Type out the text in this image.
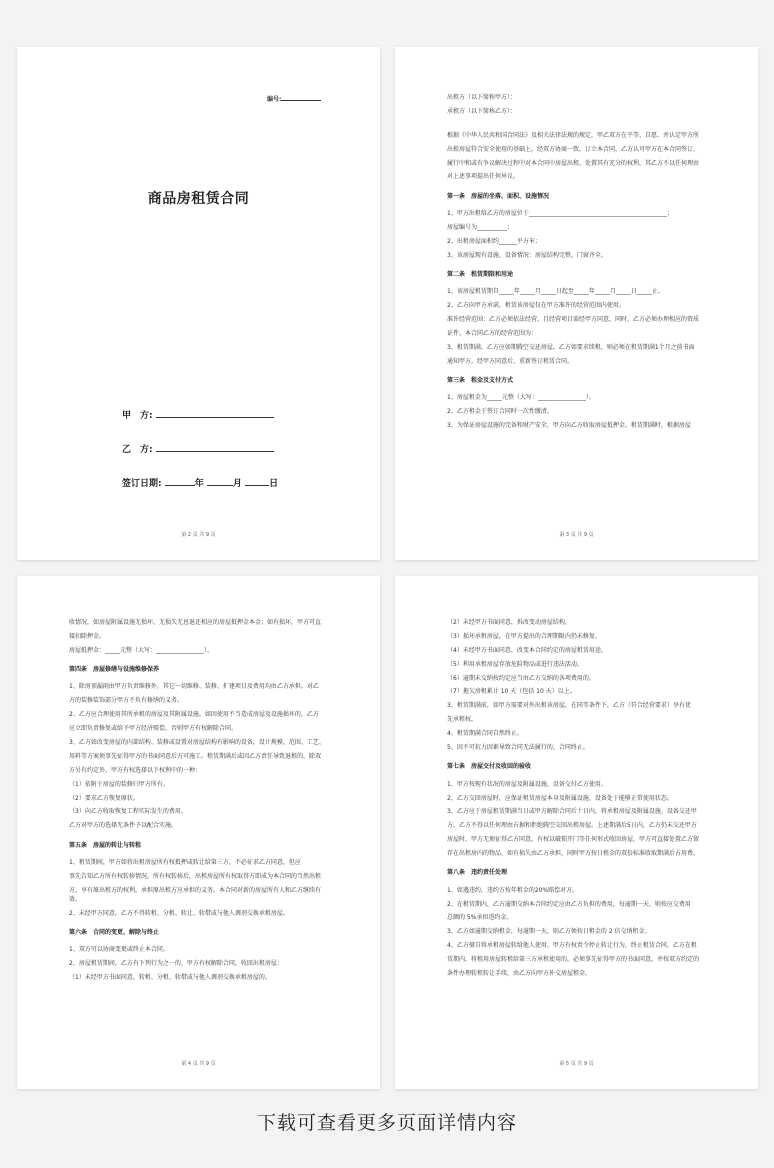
编号:
商品房租赁合同
甲　方:
乙　方:
签订日期:	年	月	日
第 2 页 共 9 页

出租方（以下简称甲方）：

承租方（以下简称乙方）：

根据《中华人民共和国合同法》及相关法律法规的规定，甲乙双方在平等、自愿、并认定甲方所

出租房屋符合安全使用的基础上，经双方协商一致，订立本合同，乙方认可甲方在本合同签订、

履行中和或有争议解决过程中对本合同中房屋出租、处置其有充分的权利，其乙方不以任何理由

对上述事项提出任何异议。

第一条　房屋的坐落、面积、设施情况

1、甲方出租给乙方的房屋位于______________________________________________；

房屋编号为__________；

2、出租房屋面积约______平方米；

3、该房屋现有设施、设备情况：房屋结构完整，门窗齐全。

第二条　租赁期限和用途

1、该房屋租赁期自_____年_____月_____日起至_____年_____月_____日_____止。

2、乙方向甲方承诺，租赁该房屋仅在甲方准许的经营范围内使用。

准许经营范围：乙方必须依法经营，且经营项目需经甲方同意，同时，乙方必须办理相应的资质

证件。本合同乙方的经营范围为：

3、租赁期满，乙方应如期腾空交还房屋。乙方如要求续租，则必须在租赁期满1个月之前书面

通知甲方，经甲方同意后，重新签订租赁合同。

第三条　租金及支付方式

1、房屋租金为_____元整（大写：________________）。

2、乙方租金于签订合同时一次性缴清。

3、为保证房屋设施的完备和财产安全，甲方向乙方收取房屋抵押金。租赁期满时，根据房屋

第 3 页 共 9 页

收情况，如房屋附属设施无损坏，无损失无息退还相应的房屋抵押金本金；如有损坏，甲方可直

接扣除押金。

房屋抵押金：_____元整（大写：________________）。

第四条　房屋修缮与设施维修保养

1、除房顶漏雨由甲方负责维修外，其它一切维修、装修、扩建项目及费用均由乙方承担。对乙

方的装修装饰部分甲方不负有修缮的义务。

2、乙方应合理使用其所承租的房屋及其附属设施。如因使用不当造成房屋及设施损坏的，乙方

应立即负责修复或给予甲方经济赔偿，否则甲方有权解除合同。

3、乙方如改变房屋的内部结构、装修或设置对房屋结构有影响的设备，设计规模、范围、工艺、

用料等方案须事先征得甲方的书面同意后方可施工。租赁期满后或因乙方责任导致退租的，除双

方另有约定外，甲方有权选择以下权利中的一种：

（1）依附于房屋的装修归甲方所有。

（2）要求乙方恢复原状。

（3）向乙方收取恢复工程实际发生的费用。

乙方对甲方的选择无条件予以配合实施。

第五条　房屋的转让与转租

1、租赁期间，甲方如将出租房屋所有权抵押或转让给第三方，不必征求乙方同意，但应

事先告知乙方所有权转移情况。所有权转移后，出租房屋所有权取得方即成为本合同的当然出租

方，享有原出租方的权利，承担原出租方应承担的义务。本合同对新的房屋所有人和乙方继续有效。

2、未经甲方同意，乙方不得转租、分租、转让、转借或与他人调剂交换承租房屋。

第六条　合同的变更、解除与终止

1、双方可以协商变更或终止本合同。

2、房屋租赁期间，乙方有下列行为之一的，甲方有权解除合同，收回出租房屋：

（1）未经甲方书面同意，转租、分租、转借或与他人调剂交换承租房屋的。

第 4 页 共 9 页

（2）未经甲方书面同意，拆改变动房屋结构。

（3）损坏承租房屋，在甲方提出的合理期限内仍未修复。

（4）未经甲方书面同意，改变本合同约定的房屋租赁用途。

（5）利用承租房屋存放危险物品或进行违法活动。

（6）逾期未交纳按约定应当由乙方交纳的各项费用的。

（7）拖欠房租累计 10 天（包括 10 天）以上。

3、租赁期满前，如甲方需要对外出租该房屋，在同等条件下，乙方（符合经营要求）享有优

先承租权。

4、租赁期满合同自然终止。

5、因不可抗力因素导致合同无法履行的，合同终止。

第七条　房屋交付及收回的验收

1、甲方按现有状况的房屋及附属设施，设备交付乙方使用。

2、乙方交回房屋时，应保证租赁房屋本身及附属设施、设备处于能够正常使用状态。

3、乙方应于房屋租赁期满当日或甲方解除合同后十日内，将承租房屋及附属设施、设备交还甲

方。乙方不得以任何理由占据和拒绝腾空交回出租房屋。上述期满后5日内，乙方仍未交还甲方

房屋时，甲方无须征得乙方同意，有权以破锁开门等任何形式收回房屋，甲方可直接处置乙方留

存在出租房内的物品，如有损失由乙方承担，同时甲方按日租金的双倍标准收取期满后占用费。

第八条　违约责任处理

1、如遇违约，违约方按年租金的20%赔偿对方。

2、在租赁期内，乙方逾期交纳本合同约定应由乙方负担的费用，每逾期一天，则按应交费用

总额的 5%承担违约金。

3、乙方如逾期交纳租金，每逾期一天，则乙方须按日租金的 2 倍交纳租金。

4、乙方擅自将承租房屋转给他人使用，甲方有权责令停止转让行为，终止租赁合同。乙方在租

赁期内，将租用房屋转租给第三方承租使用的，必须事先征得甲方的书面同意，并按双方约定的

条件办理转租转让手续，由乙方向甲方补交房屋租金。

第 5 页 共 9 页
下载可查看更多页面详情内容
